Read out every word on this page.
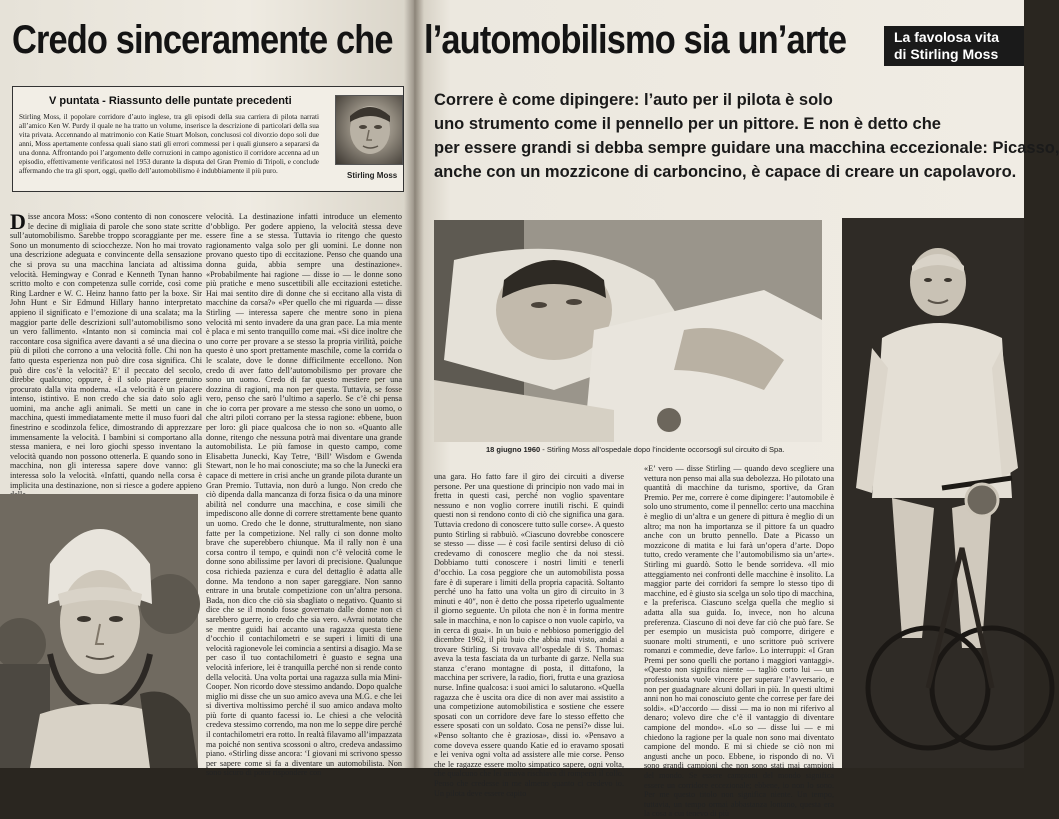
Credo sinceramente che l’automobilismo sia un’arte	La favolosa vita
di Stirling Moss
V puntata - Riassunto delle puntate precedenti
Stirling Moss, il popolare corridore d’auto inglese, tra gli episodi della sua carriera di pilota narrati all’amico Ken W. Purdy il quale ne ha tratto un volume, inserisce la descrizione di particolari della sua vita privata. Accennando al matrimonio con Katie Stuart Molson, conclusosi col divorzio dopo soli due anni, Moss apertamente confessa quali siano stati gli errori commessi per i quali giunsero a separarsi da una donna. Affrontando poi l’argomento delle corruzioni in campo agonistico il corridore accenna ad un episodio, effettivamente verificatosi nel 1953 durante la disputa del Gran Premio di Tripoli, e conclude affermando che tra gli sport, oggi, quello dell’automobilismo è indubbiamente il più puro.	Stirling Moss
Correre è come dipingere: l’auto per il pilota è solo
uno strumento come il pennello per un pittore. E non è detto che
per essere grandi si debba sempre guidare una macchina eccezionale: Picasso,
anche con un mozzicone di carboncino, è capace di creare un capolavoro.
Disse ancora Moss: «Sono contento di non conoscere le decine di migliaia di parole che sono state scritte sull’automobilismo. Sarebbe troppo scoraggiante per me. Sono un monumento di sciocchezze. Non ho mai trovato una descrizione adeguata e convincente della sensazione che si prova su una macchina lanciata ad altissima velocità. Hemingway e Conrad e Kenneth Tynan hanno scritto molto e con competenza sulle corride, così come Ring Lardner e W. C. Heinz hanno fatto per la boxe. Sir John Hunt e Sir Edmund Hillary hanno interpretato appieno il significato e l’emozione di una scalata; ma la maggior parte delle descrizioni sull’automobilismo sono un vero fallimento. «Intanto non si comincia mai col raccontare cosa significa avere davanti a sé una diecina o più di piloti che corrono a una velocità folle. Chi non ha fatto questa esperienza non può dire cosa significa. Chi può dire cos’è la velocità? E’ il peccato del secolo, direbbe qualcuno; oppure, è il solo piacere genuino procurato dalla vita moderna. «La velocità è un piacere intenso, istintivo. E non credo che sia dato solo agli uomini, ma anche agli animali. Se metti un cane in macchina, questi immediatamente mette il muso fuori dal finestrino e scodinzola felice, dimostrando di apprezzare immensamente la velocità. I bambini si comportano alla stessa maniera, e nei loro giochi spesso inventano la velocità quando non possono ottenerla. E quando sono in macchina, non gli interessa sapere dove vanno: gli interessa solo la velocità. «Infatti, quando nella corsa è implicita una destinazione, non si riesce a godere appieno
velocità. La destinazione infatti introduce un elemento d’obbligo. Per godere appieno, la velocità stessa deve essere fine a se stessa. Tuttavia io ritengo che questo ragionamento valga solo per gli uomini. Le donne non provano questo tipo di eccitazione. Penso che quando una donna guida, abbia sempre una destinazione». «Probabilmente hai ragione — disse io — le donne sono più pratiche e meno suscettibili alle eccitazioni estetiche. Hai mai sentito dire di donne che si eccitano alla vista di macchine da corsa?» «Per quello che mi riguarda — disse Stirling — interessa sapere che mentre sono in piena velocità mi sento invadere da una gran pace. La mia mente è placa e mi sento tranquillo come mai. «Si dice inoltre che uno corre per provare a se stesso la propria virilità, poiche questo è uno sport prettamente maschile, come la corrida o le scalate, dove le donne difficilmente eccellono. Non credo di aver fatto dell’automobilismo per provare che sono un uomo. Credo di far questo mestiere per una dozzina di ragioni, ma non per questa. Tuttavia, se fosse vero, penso che sarò l’ultimo a saperlo. Se c’è chi pensa che io corra per provare a me stesso che sono un uomo, o che altri piloti corrano per la stessa ragione: ebbene, buon per loro: gli piace qualcosa che io non so. «Quanto alle donne, ritengo che nessuna potrà mai diventare una grande automobilista. Le più famose in questo campo, come Elisabetta Junecki, Kay Tetre, ‘Bill’ Wisdom e Gwenda Stewart, non le ho mai conosciute; ma so che la Junecki era capace di mettere in crisi anche un grande pilota durante un Gran Premio. Tuttavia, non durò a lungo. Non credo che ciò dipenda dalla mancanza di forza fisica o da una minore abilità nel condurre una macchina, e cose simili che impediscono alle donne di correre strettamente bene quanto un uomo. Credo che le donne, strutturalmente, non siano fatte per la competizione. Nel rally ci son donne molto brave che superebbero chiunque. Ma il rally non è una corsa contro il tempo, e quindi non c’è velocità come le donne sono abilissime per lavori di precisione. Qualunque cosa richieda pazienza e cura del dettaglio è adatta alle donne. Ma tendono a non saper gareggiare. Non sanno entrare in una brutale competizione con un’altra persona. Bada, non dico che ciò sia sbagliato o negativo. Quanto si dice che se il mondo fosse governato dalle donne non ci sarebbero guerre, io credo che sia vero. «Avrai notato che se mentre guidi hai accanto una ragazza questa tiene d’occhio il contachilometri e se superi i limiti di una velocità ragionevole lei comincia a sentirsi a disagio. Ma se per caso il tuo contachilometri è guasto e segna una velocità inferiore, lei è tranquilla perché non si rende conto della velocità. Una volta portai una ragazza sulla mia Mini-Cooper. Non ricordo dove stessimo andando. Dopo qualche miglio mi disse che un suo amico aveva una M.G. e che lei si divertiva moltissimo perché il suo amico andava molto più forte di quanto facessi io. Le chiesi a che velocità credeva stessimo correndo, ma non me lo seppe dire perché il contachilometri era rotto. In realtà filavamo all’impazzata ma poiché non sentiva scossoni o altro, credeva andassimo piano. «Stirling disse ancora: ‘I giovani mi scrivono spesso per sapere come si fa a diventare un automobilista. Non sono sicuro di poter rispondere con
18 giugno 1960 - Stirling Moss all’ospedale dopo l’incidente occorsogli sul circuito di Spa.
una gara. Ho fatto fare il giro dei circuiti a diverse persone. Per una questione di principio non vado mai in fretta in questi casi, perché non voglio spaventare nessuno e non voglio correre inutili rischi. E quindi questi non si rendono conto di ciò che significa una gara. Tuttavia credono di conoscere tutto sulle corse». A questo punto Stirling si rabbuiò. «Ciascuno dovrebbe conoscere se stesso — disse — è così facile sentirsi deluso di ciò credevamo di conoscere meglio che da noi stessi. Dobbiamo tutti conoscere i nostri limiti e tenerli d’occhio. La cosa peggiore che un automobilista possa fare è di superare i limiti della propria capacità. Soltanto perché uno ha fatto una volta un giro di circuito in 3 minuti e 40″, non è detto che possa ripeterlo ugualmente il giorno seguente. Un pilota che non è in forma mentre sale in macchina, e non lo capisce o non vuole capirlo, va in cerca di guai». In un buio e nebbioso pomeriggio del dicembre 1962, il più buio che abbia mai visto, andai a trovare Stirling. Si trovava all’ospedale di S. Thomas: aveva la testa fasciata da un turbante di garze. Nella sua stanza c’erano montagne di posta, il dittafono, la macchina per scrivere, la radio, fiori, frutta e una graziosa nurse. Infine qualcosa: i suoi amici lo salutarono. «Quella ragazza che è uscita ora dice di non aver mai assistito a una competizione automobilistica e sostiene che essere sposati con un corridore deve fare lo stesso effetto che essere sposati con un soldato. Cosa ne pensi?» disse lui. «Penso soltanto che è graziosa», dissi io. «Pensavo a come doveva essere quando Katie ed io eravamo sposati e lei veniva ogni volta ad assistere alle mie corse. Penso che le ragazze essere molto simpatico sapere, ogni volta, che qualcuno che lei amava rischiava di rompersi il collo. Penso che credesse in me almeno quanto ci credevo io. Un pilota deve essere capito
«E’ vero — disse Stirling — quando devo scegliere una vettura non penso mai alla sua debolezza. Ho pilotato una quantità di macchine da turismo, sportive, da Gran Premio. Per me, correre è come dipingere: l’automobile è solo uno strumento, come il pennello: certo una macchina è meglio di un’altra e un genere di pittura è meglio di un altro; ma non ha importanza se il pittore fa un quadro anche con un brutto pennello. Date a Picasso un mozzicone di matita e lui farà un’opera d’arte. Dopo tutto, credo veramente che l’automobilismo sia un’arte». Stirling mi guardò. Sotto le bende sorrideva. «Il mio atteggiamento nei confronti delle macchine è insolito. La maggior parte dei corridori fa sempre lo stesso tipo di macchine, ed è giusto sia scelga un solo tipo di macchina, e la preferisca. Ciascuno scelga quella che meglio si adatta alla sua guida. Io, invece, non ho alcuna preferenza. Ciascuno di noi deve far ciò che può fare. Se per esempio un musicista può comporre, dirigere e suonare molti strumenti, e uno scrittore può scrivere romanzi e commedie, deve farlo». Lo interruppi: «I Gran Premi per sono quelli che portano i maggiori vantaggi». «Questo non significa niente — tagliò corto lui — un professionista vuole vincere per superare l’avversario, e non per guadagnare alcuni dollari in più. In questi ultimi anni non ho mai conosciuto gente che correse per fare dei soldi». «D’accordo — dissi — ma io non mi riferivo al denaro; volevo dire che c’è il vantaggio di diventare campione del mondo». «Lo so — disse lui — e mi chiedono la ragione per la quale non sono mai diventato campione del mondo. E mi si chiede se ciò non mi angusti anche un poco. Ebbene, io rispondo di no. Vi sono grandi campioni che non sono stati mai campioni del mondo. Se essere campioni del mondo significa essere un corridore eccezionale; ebbene, io non lo sono. Per me questo titolo non significa niente. Un tempo, tuttavia, un tempo ormai abbastanza lontano, questa era la cosa a cui tenevo di più
